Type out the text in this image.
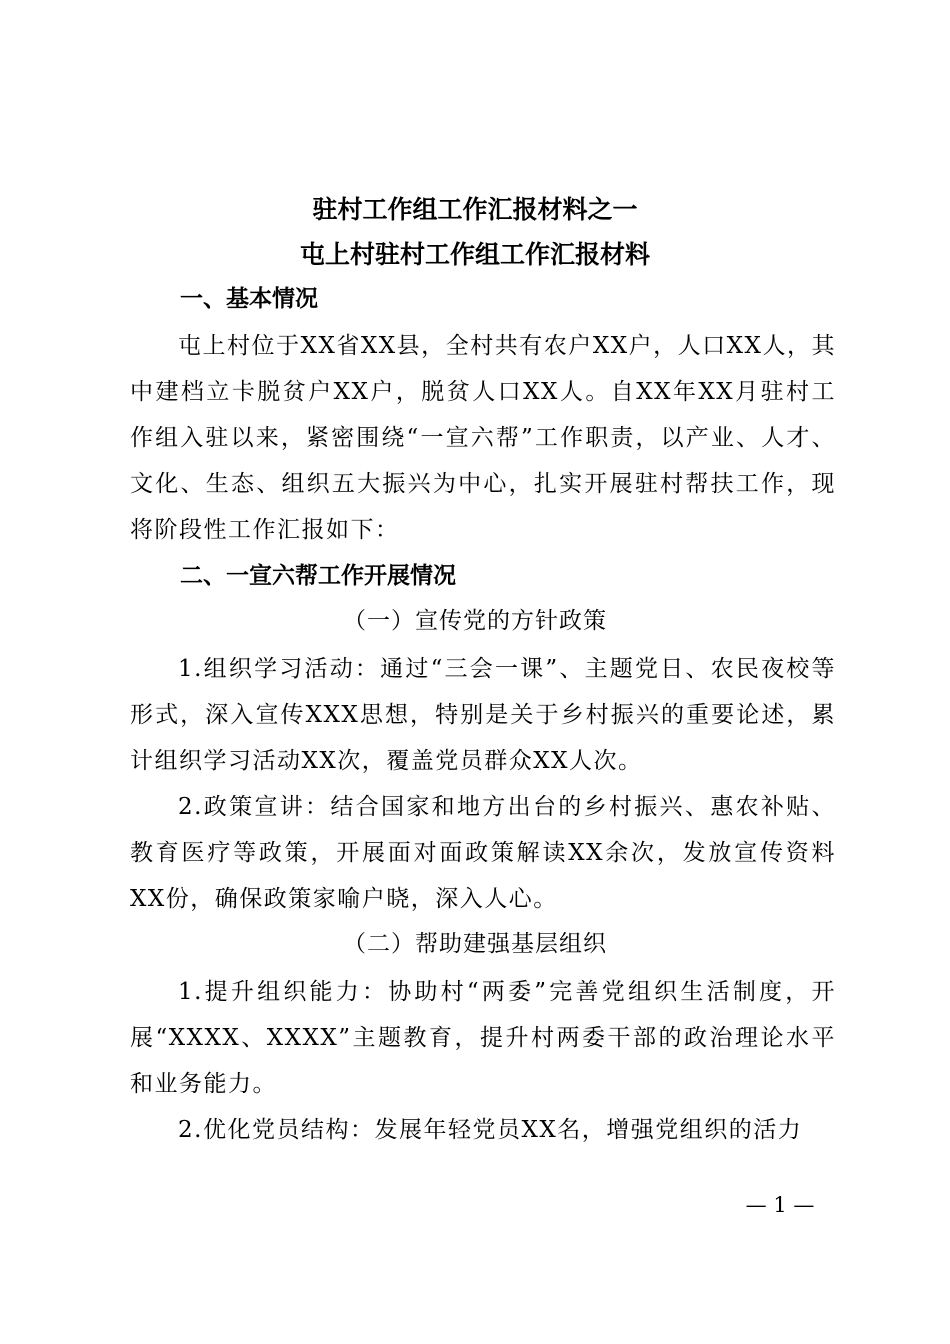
驻村工作组工作汇报材料之一
屯上村驻村工作组工作汇报材料
一、基本情况

屯上村位于XX省XX县，全村共有农户XX户，人口XX人，其中建档立卡脱贫户XX户，脱贫人口XX人。自XX年XX月驻村工作组入驻以来，紧密围绕“一宣六帮”工作职责，以产业、人才、文化、生态、组织五大振兴为中心，扎实开展驻村帮扶工作，现将阶段性工作汇报如下：

二、一宣六帮工作开展情况
（一）宣传党的方针政策

1.组织学习活动：通过“三会一课”、主题党日、农民夜校等形式，深入宣传XXX思想，特别是关于乡村振兴的重要论述，累计组织学习活动XX次，覆盖党员群众XX人次。

2.政策宣讲：结合国家和地方出台的乡村振兴、惠农补贴、教育医疗等政策，开展面对面政策解读XX余次，发放宣传资料XX份，确保政策家喻户晓，深入人心。

（二）帮助建强基层组织

1.提升组织能力：协助村“两委”完善党组织生活制度，开展“XXXX、XXXX”主题教育，提升村两委干部的政治理论水平和业务能力。

2.优化党员结构：发展年轻党员XX名，增强党组织的活力

— 1 —
